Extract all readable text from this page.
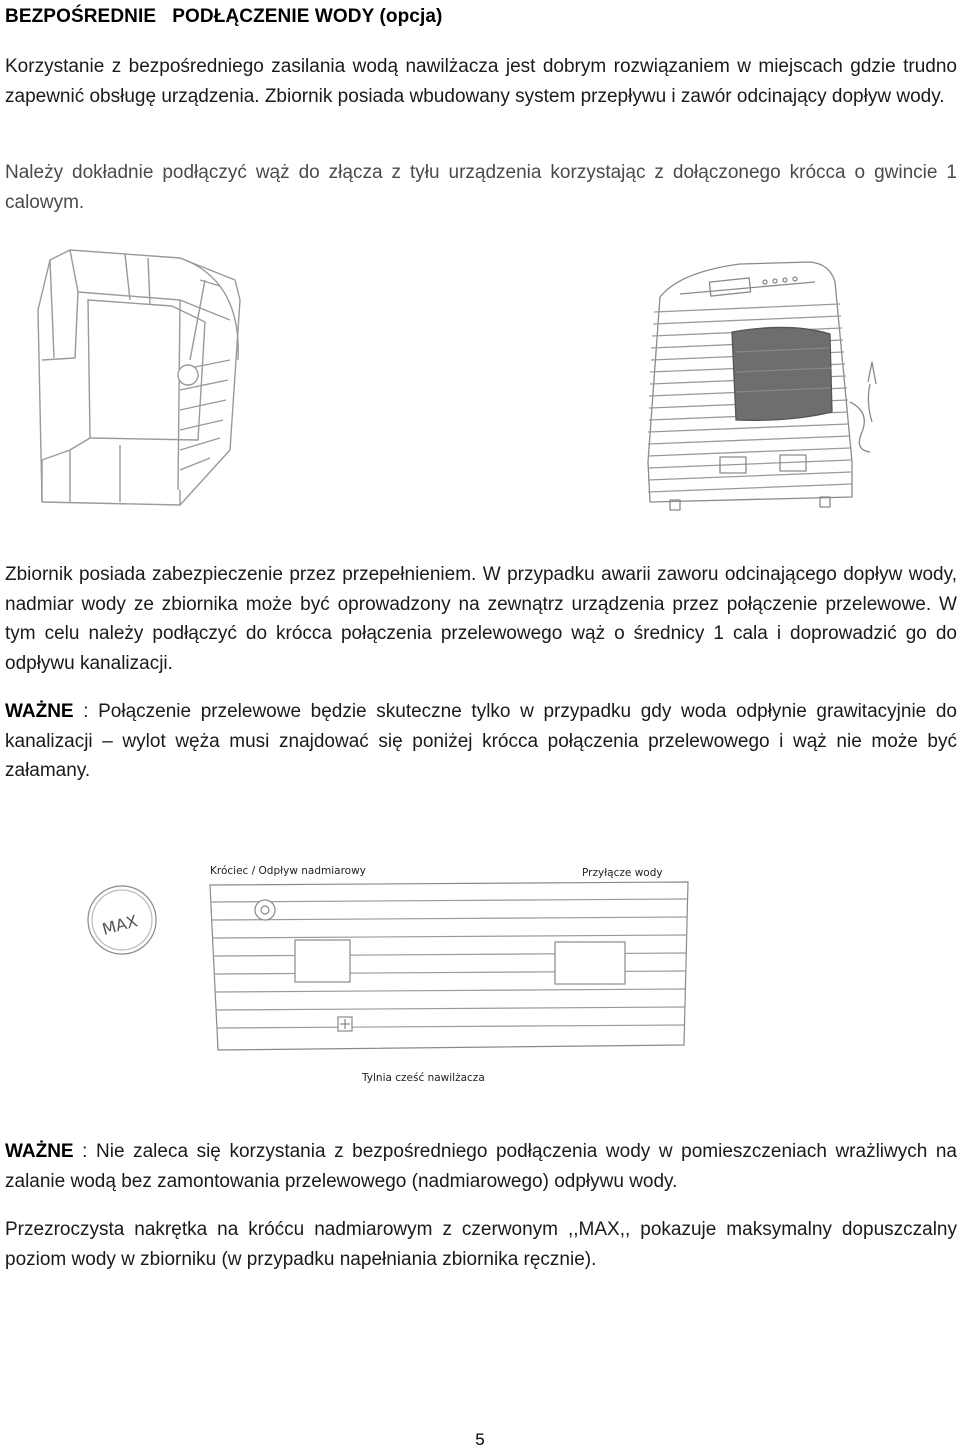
BEZPOŚREDNIE   PODŁĄCZENIE WODY (opcja)

Korzystanie z bezpośredniego zasilania wodą nawilżacza jest dobrym rozwiązaniem w miejscach gdzie trudno zapewnić obsługę urządzenia. Zbiornik posiada wbudowany system przepływu i zawór odcinający dopływ wody.

Należy dokładnie podłączyć wąż do złącza z tyłu urządzenia korzystając z dołączonego krócca o gwincie 1 calowym.

Zbiornik posiada zabezpieczenie przez przepełnieniem. W przypadku awarii zaworu odcinającego dopływ wody, nadmiar wody ze zbiornika może być oprowadzony na zewnątrz urządzenia przez połączenie przelewowe. W tym celu należy podłączyć do krócca połączenia przelewowego wąż o średnicy 1 cala i doprowadzić go do odpływu kanalizacji.

WAŻNE : Połączenie przelewowe będzie skuteczne tylko w przypadku gdy woda odpłynie grawitacyjnie do kanalizacji – wylot węża musi znajdować się poniżej krócca połączenia przelewowego i wąż nie może być załamany.

MAX
Króciec / Odpływ nadmiarowy	Przyłącze wody
Tylnia cześć nawilżacza

WAŻNE : Nie zaleca się korzystania z bezpośredniego podłączenia wody w pomieszczeniach wrażliwych na zalanie wodą bez zamontowania przelewowego (nadmiarowego) odpływu wody.

Przezroczysta nakrętka na króćcu nadmiarowym z czerwonym ,,MAX,, pokazuje maksymalny dopuszczalny poziom wody w zbiorniku (w przypadku napełniania zbiornika ręcznie).

5
